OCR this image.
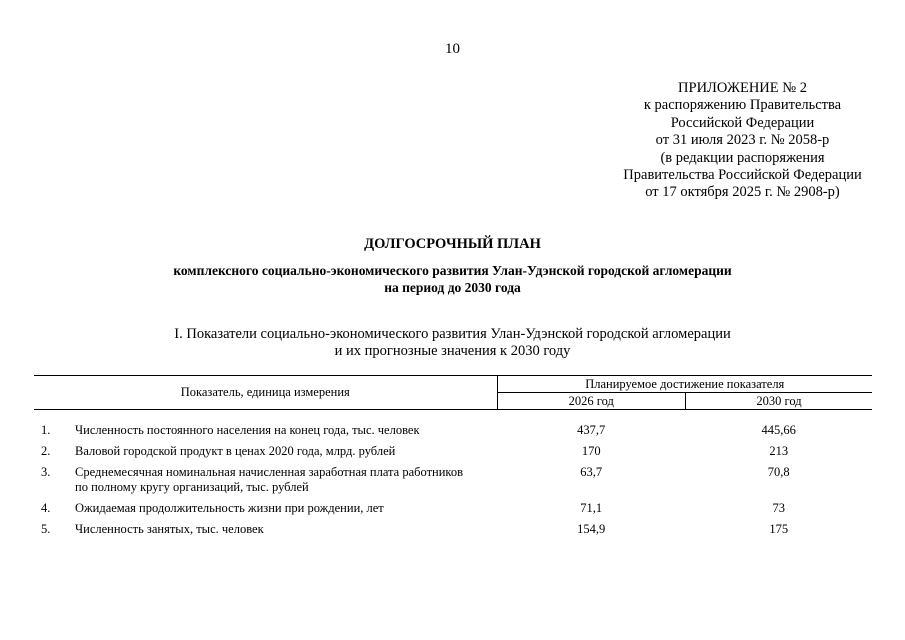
10
ПРИЛОЖЕНИЕ № 2
к распоряжению Правительства
Российской Федерации
от 31 июля 2023 г. № 2058-р
(в редакции распоряжения
Правительства Российской Федерации
от 17 октября 2025 г. № 2908-р)
ДОЛГОСРОЧНЫЙ ПЛАН
комплексного социально-экономического развития Улан-Удэнской городской агломерации
на период до 2030 года
I. Показатели социально-экономического развития Улан-Удэнской городской агломерации
и их прогнозные значения к 2030 году
Показатель, единица измерения		Планируемое достижение показателя	
		2026 год	2030 год

1.	Численность постоянного населения на конец года, тыс. человек	437,7	445,66
2.	Валовой городской продукт в ценах 2020 года, млрд. рублей	170	213
3.	Среднемесячная номинальная начисленная заработная плата работников
по полному кругу организаций, тыс. рублей	63,7	70,8
4.	Ожидаемая продолжительность жизни при рождении, лет	71,1	73
5.	Численность занятых, тыс. человек	154,9	175
